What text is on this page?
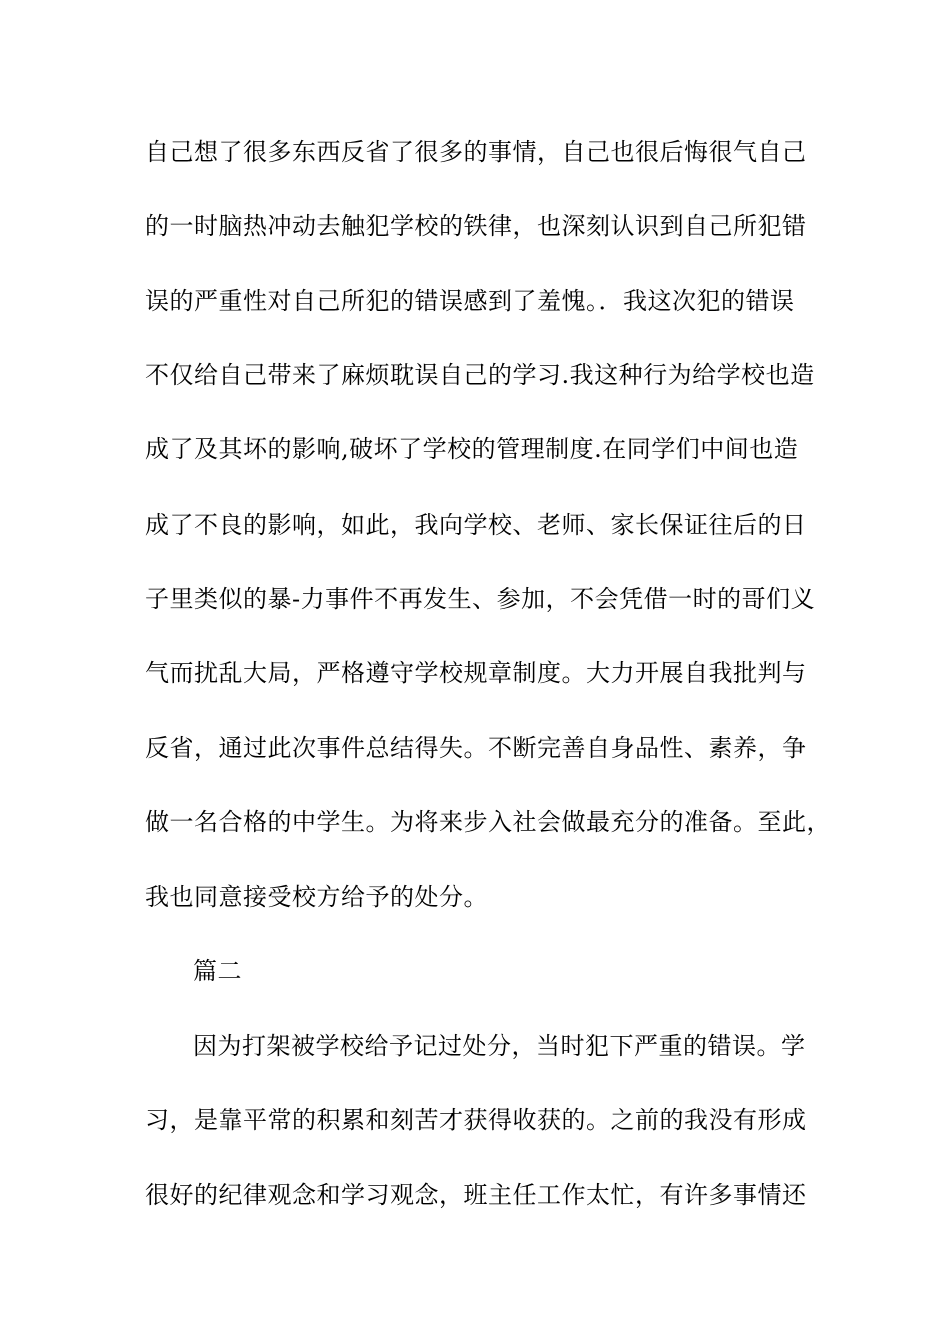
自己想了很多东西反省了很多的事情，自己也很后悔很气自己
的一时脑热冲动去触犯学校的铁律，也深刻认识到自己所犯错
误的严重性对自己所犯的错误感到了羞愧。．我这次犯的错误
不仅给自己带来了麻烦耽误自己的学习.我这种行为给学校也造
成了及其坏的影响,破坏了学校的管理制度.在同学们中间也造
成了不良的影响，如此，我向学校、老师、家长保证往后的日
子里类似的暴-力事件不再发生、参加，不会凭借一时的哥们义
气而扰乱大局，严格遵守学校规章制度。大力开展自我批判与
反省，通过此次事件总结得失。不断完善自身品性、素养，争
做一名合格的中学生。为将来步入社会做最充分的准备。至此，
我也同意接受校方给予的处分。
篇二
因为打架被学校给予记过处分，当时犯下严重的错误。学
习，是靠平常的积累和刻苦才获得收获的。之前的我没有形成
很好的纪律观念和学习观念，班主任工作太忙，有许多事情还
